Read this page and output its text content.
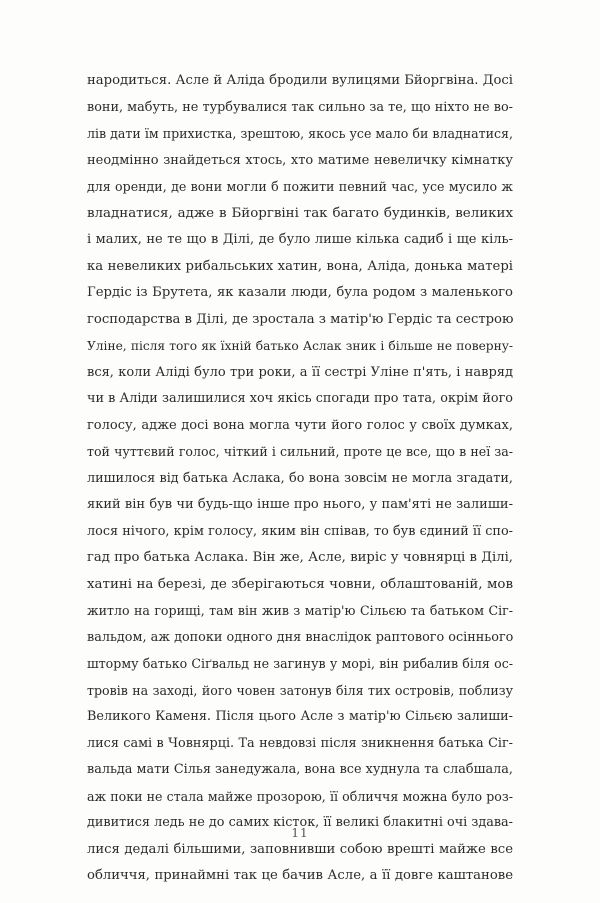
народиться. Асле й Аліда бродили вулицями Бйоргвіна. Досі
вони, мабуть, не турбувалися так сильно за те, що ніхто не во-
лів дати їм прихистка, зрештою, якось усе мало би владнатися,
неодмінно знайдеться хтось, хто матиме невеличку кімнатку
для оренди, де вони могли б пожити певний час, усе мусило ж
владнатися, адже в Бйоргвіні так багато будинків, великих
і малих, не те що в Ділі, де було лише кілька садиб і ще кіль-
ка невеликих рибальських хатин, вона, Аліда, донька матері
Гердіс із Брутета, як казали люди, була родом з маленького
господарства в Ділі, де зростала з матір'ю Гердіс та сестрою
Уліне, після того як їхній батько Аслак зник і більше не поверну-
вся, коли Аліді було три роки, а її сестрі Уліне п'ять, і навряд
чи в Аліди залишилися хоч якісь спогади про тата, окрім його
голосу, адже досі вона могла чути його голос у своїх думках,
той чуттєвий голос, чіткий і сильний, проте це все, що в неї за-
лишилося від батька Аслака, бо вона зовсім не могла згадати,
який він був чи будь-що інше про нього, у пам'яті не залиши-
лося нічого, крім голосу, яким він співав, то був єдиний її спо-
гад про батька Аслака. Він же, Асле, виріс у човнярці в Ділі,
хатині на березі, де зберігаються човни, облаштованій, мов
житло на горищі, там він жив з матір'ю Сільєю та батьком Сіг-
вальдом, аж допоки одного дня внаслідок раптового осіннього
шторму батько Сіґвальд не загинув у морі, він рибалив біля ос-
тровів на заході, його човен затонув біля тих островів, поблизу
Великого Каменя. Після цього Асле з матір'ю Сільєю залиши-
лися самі в Човнярці. Та невдовзі після зникнення батька Сіг-
вальда мати Сілья занедужала, вона все худнула та слабшала,
аж поки не стала майже прозорою, її обличчя можна було роз-
дивитися ледь не до самих кісток, її великі блакитні очі здава-
лися дедалі більшими, заповнивши собою врешті майже все
обличчя, принаймні так це бачив Асле, а її довге каштанове
11
